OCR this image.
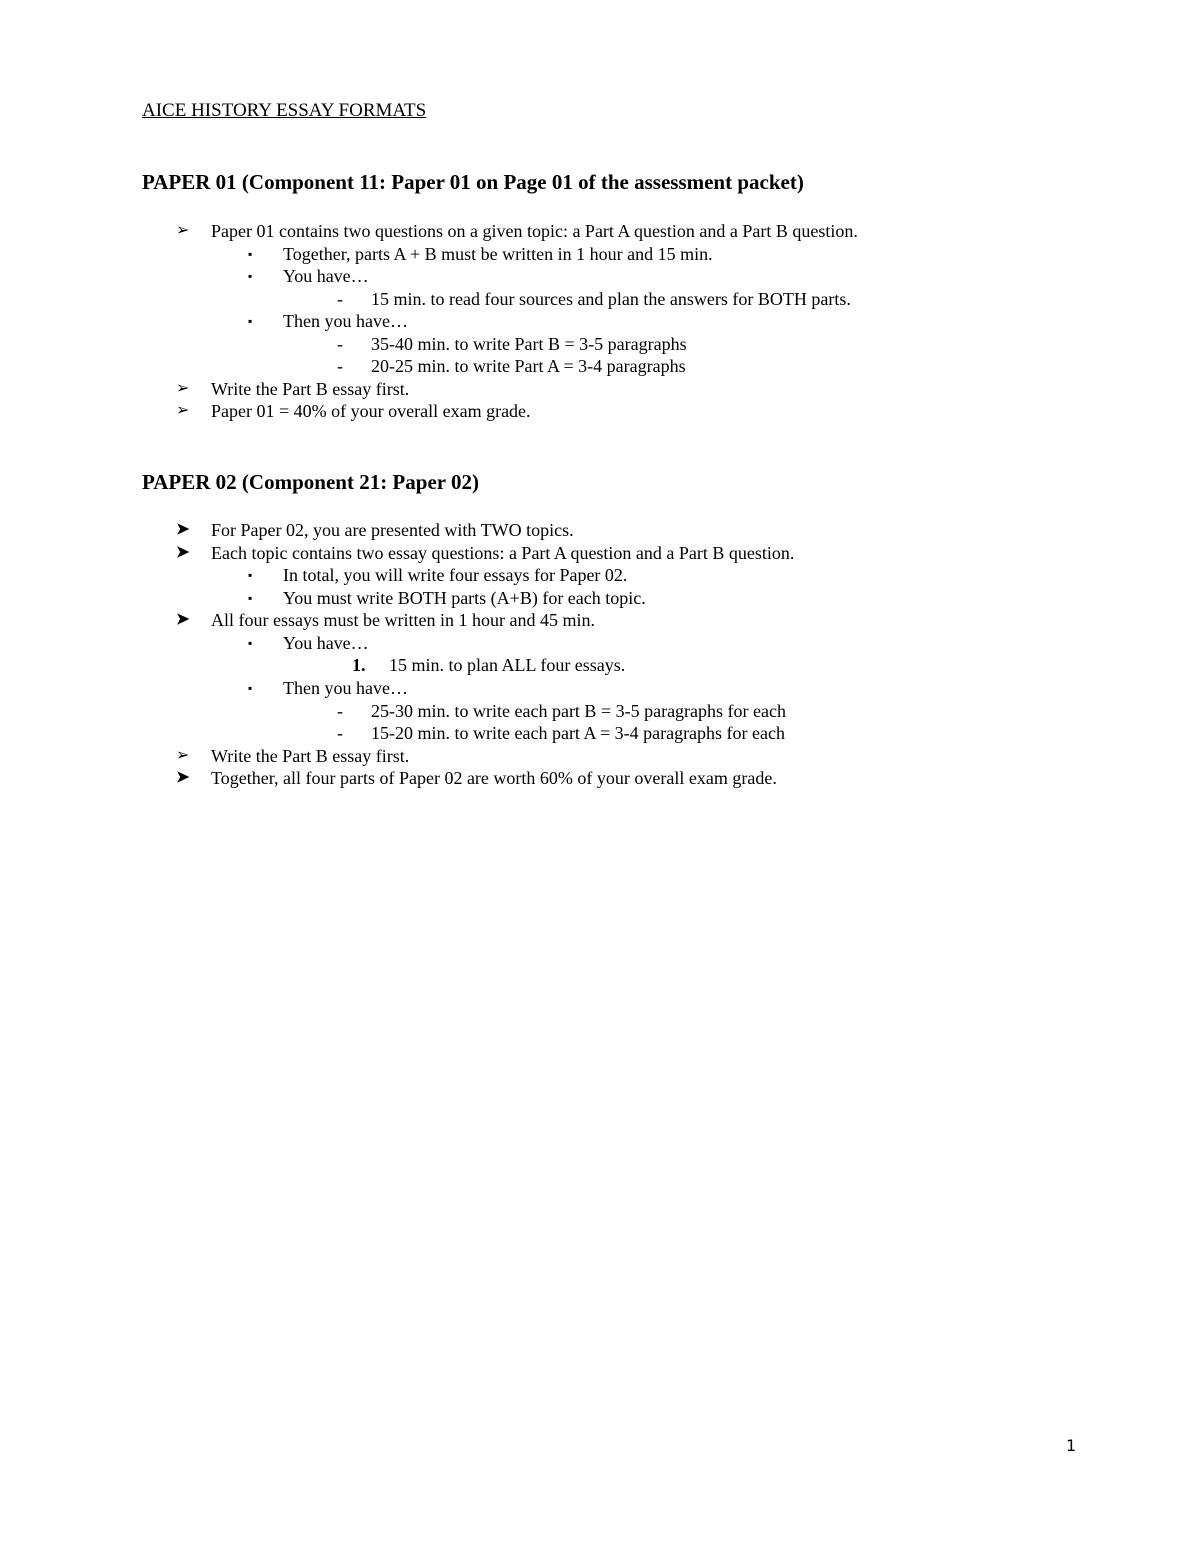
AICE HISTORY ESSAY FORMATS
PAPER 01 (Component 11: Paper 01 on Page 01 of the assessment packet)
➢ Paper 01 contains two questions on a given topic: a Part A question and a Part B question.
▪ Together, parts A + B must be written in 1 hour and 15 min.
▪ You have…
- 15 min. to read four sources and plan the answers for BOTH parts.
▪ Then you have…
- 35-40 min. to write Part B = 3-5 paragraphs
- 20-25 min. to write Part A = 3-4 paragraphs
➢ Write the Part B essay first.
➢ Paper 01 = 40% of your overall exam grade.
PAPER 02 (Component 21: Paper 02)
➤ For Paper 02, you are presented with TWO topics.
➤ Each topic contains two essay questions: a Part A question and a Part B question.
▪ In total, you will write four essays for Paper 02.
▪ You must write BOTH parts (A+B) for each topic.
➤ All four essays must be written in 1 hour and 45 min.
▪ You have…
1. 15 min. to plan ALL four essays.
▪ Then you have…
- 25-30 min. to write each part B = 3-5 paragraphs for each
- 15-20 min. to write each part A = 3-4 paragraphs for each
➢ Write the Part B essay first.
➤ Together, all four parts of Paper 02 are worth 60% of your overall exam grade.
1
